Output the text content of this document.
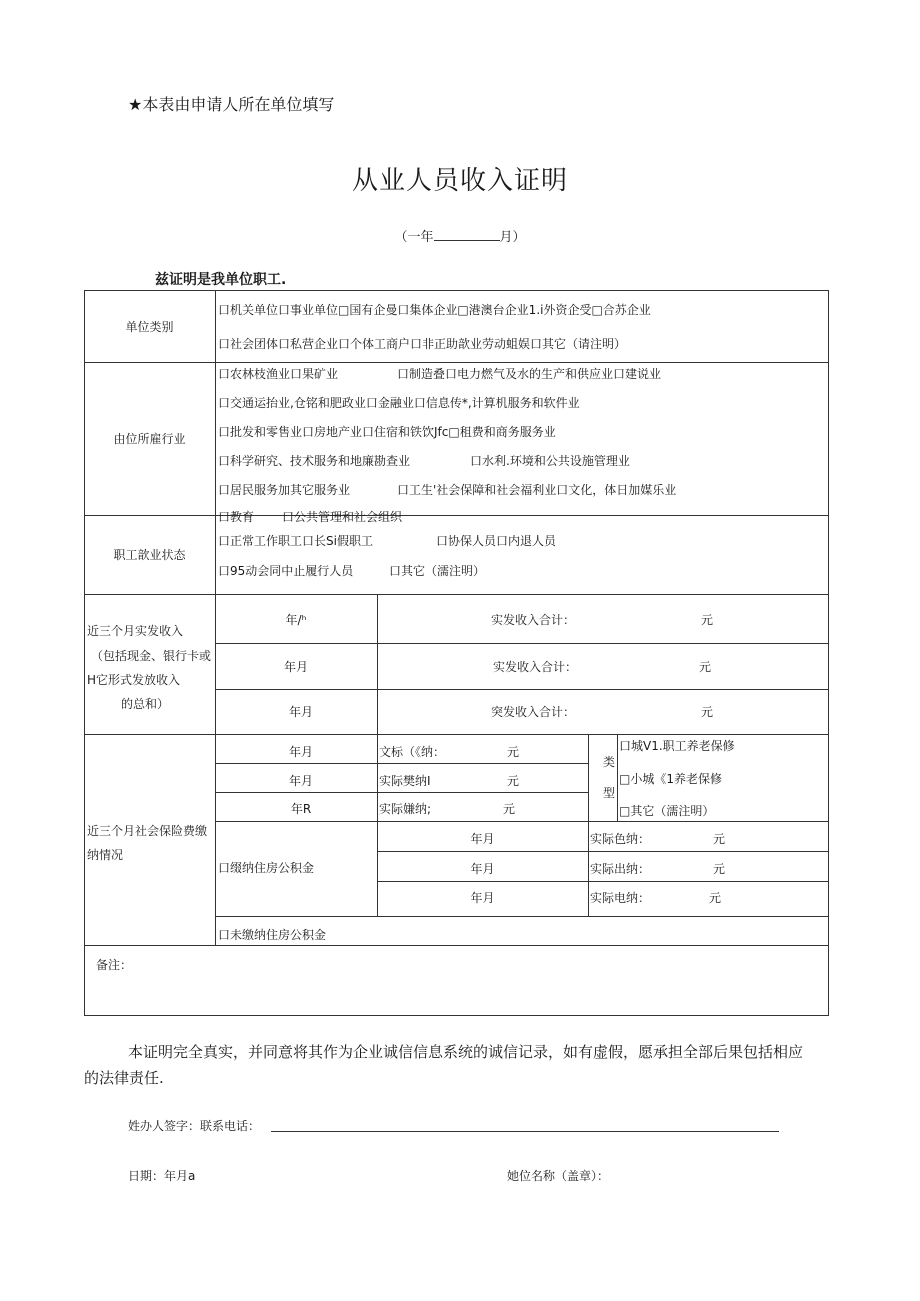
★本表由申请人所在单位填写
从业人员收入证明
（一年	月）
兹证明是我单位职工.
单位类别
口机关单位口事业单位□国有企曼口集体企业□港澳台企业1.i外资企受□合苏企业
口社会团体口私营企业口个体工商户口非正助歆业劳动蛆娱口其它（请注明）
由位所雇行业
口农林枝渔业口果矿业	口制造叠口电力燃气及水的生产和供应业口建说业
口交通运抬业,仓铭和肥政业口金融业口信息传*,计算机服务和软件业
口批发和零售业口房地产业口住宿和铁饮Jfc□租费和商务服务业
口科学研究、技术服务和地廉勘查业	口水利.环境和公共设施管理业
口居民服务加其它服务业	口工生'社会保障和社会福利业口文化，体日加媒乐业
口教育 口公共管理和社会组织
职工歆业状态
口正常工作职工口长Si假职工	口协保人员口内退人员
口95动会同中止履行人员	口其它（濡注明）
近三个月实发收入
（包括现金、银行卡或
H它形式发放收入
的总和）
年/ʰ	实发收入合计：	元
年月	实发收入合计：	元
年月	突发收入合计：	元
近三个月社会保险费缴
纳情况
年月	文标（《纳：	元
年月	实际樊纳I	元
年R	实际嫌纳;	元
类
型
口城V1.职工养老保修
□小城《1养老保修
□其它（濡注明）
口缀纳住房公积金
年月	实际色纳：	元
年月	实际出纳：	元
年月	实际电纳：	元
口未缴纳住房公积金
备注：
本证明完全真实，并同意将其作为企业诚信信息系统的诚信记录，如有虚假，愿承担全部后果包括相应
的法律责任.
姓办人签字：联系电话：
日期：年月a	她位名称（盖章）：
